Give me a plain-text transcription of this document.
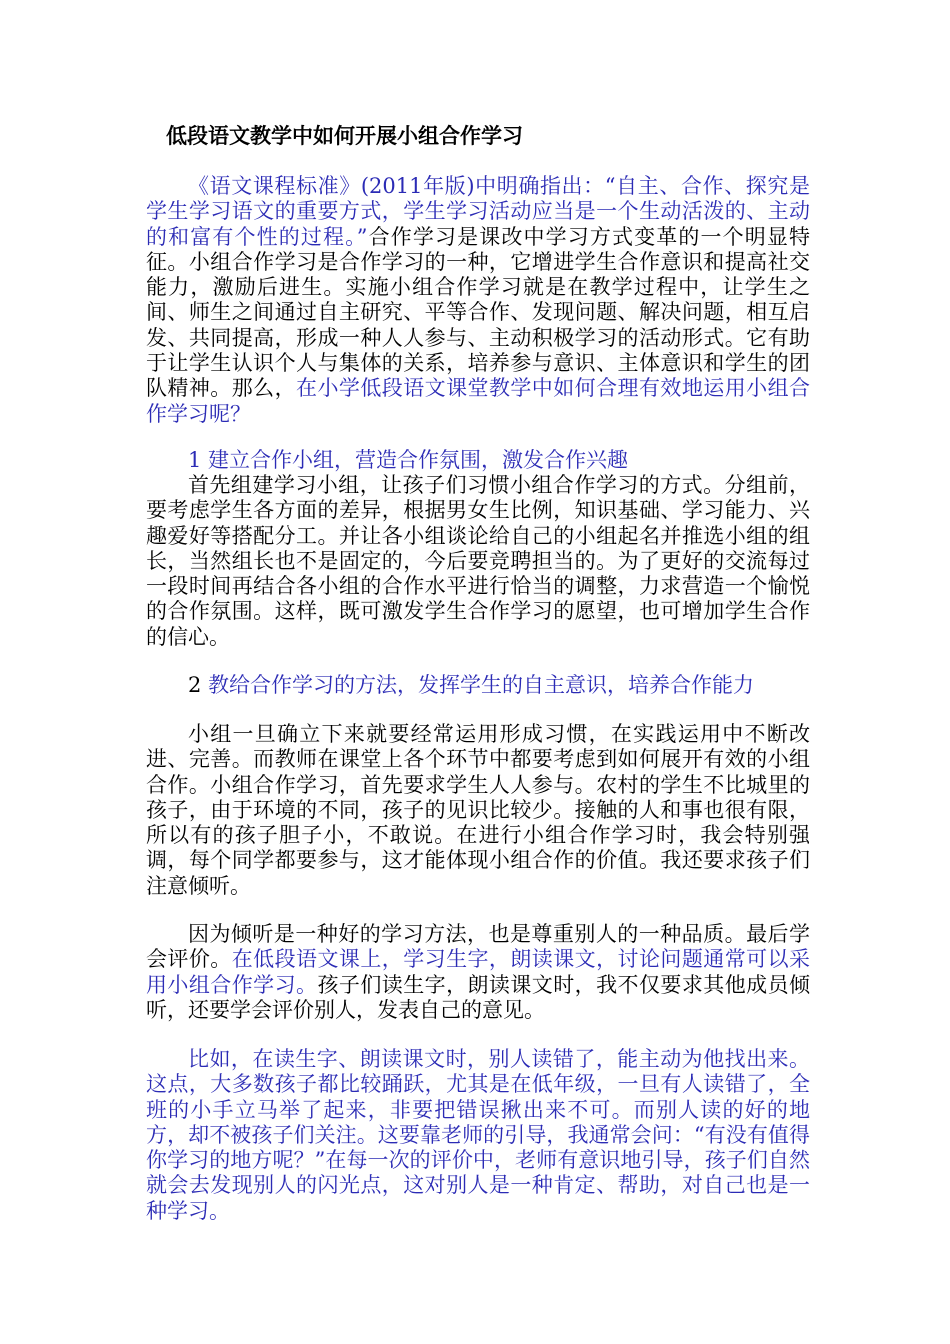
低段语文教学中如何开展小组合作学习

《语文课程标准》(2011年版)中明确指出：“自主、合作、探究是学生学习语文的重要方式，学生学习活动应当是一个生动活泼的、主动的和富有个性的过程。”合作学习是课改中学习方式变革的一个明显特征。小组合作学习是合作学习的一种，它增进学生合作意识和提高社交能力，激励后进生。实施小组合作学习就是在教学过程中，让学生之间、师生之间通过自主研究、平等合作、发现问题、解决问题，相互启发、共同提高，形成一种人人参与、主动积极学习的活动形式。它有助于让学生认识个人与集体的关系，培养参与意识、主体意识和学生的团队精神。那么，在小学低段语文课堂教学中如何合理有效地运用小组合作学习呢？

1 建立合作小组，营造合作氛围，激发合作兴趣

首先组建学习小组，让孩子们习惯小组合作学习的方式。分组前，要考虑学生各方面的差异，根据男女生比例，知识基础、学习能力、兴趣爱好等搭配分工。并让各小组谈论给自己的小组起名并推选小组的组长，当然组长也不是固定的，今后要竞聘担当的。为了更好的交流每过一段时间再结合各小组的合作水平进行恰当的调整，力求营造一个愉悦的合作氛围。这样，既可激发学生合作学习的愿望，也可增加学生合作的信心。

2 教给合作学习的方法，发挥学生的自主意识，培养合作能力

小组一旦确立下来就要经常运用形成习惯，在实践运用中不断改进、完善。而教师在课堂上各个环节中都要考虑到如何展开有效的小组合作。小组合作学习，首先要求学生人人参与。农村的学生不比城里的孩子，由于环境的不同，孩子的见识比较少。接触的人和事也很有限，所以有的孩子胆子小，不敢说。在进行小组合作学习时，我会特别强调，每个同学都要参与，这才能体现小组合作的价值。我还要求孩子们注意倾听。

因为倾听是一种好的学习方法，也是尊重别人的一种品质。最后学会评价。在低段语文课上，学习生字，朗读课文，讨论问题通常可以采用小组合作学习。孩子们读生字，朗读课文时，我不仅要求其他成员倾听，还要学会评价别人，发表自己的意见。

比如，在读生字、朗读课文时，别人读错了，能主动为他找出来。这点，大多数孩子都比较踊跃，尤其是在低年级，一旦有人读错了，全班的小手立马举了起来，非要把错误揪出来不可。而别人读的好的地方，却不被孩子们关注。这要靠老师的引导，我通常会问：“有没有值得你学习的地方呢？”在每一次的评价中，老师有意识地引导，孩子们自然就会去发现别人的闪光点，这对别人是一种肯定、帮助，对自己也是一种学习。
